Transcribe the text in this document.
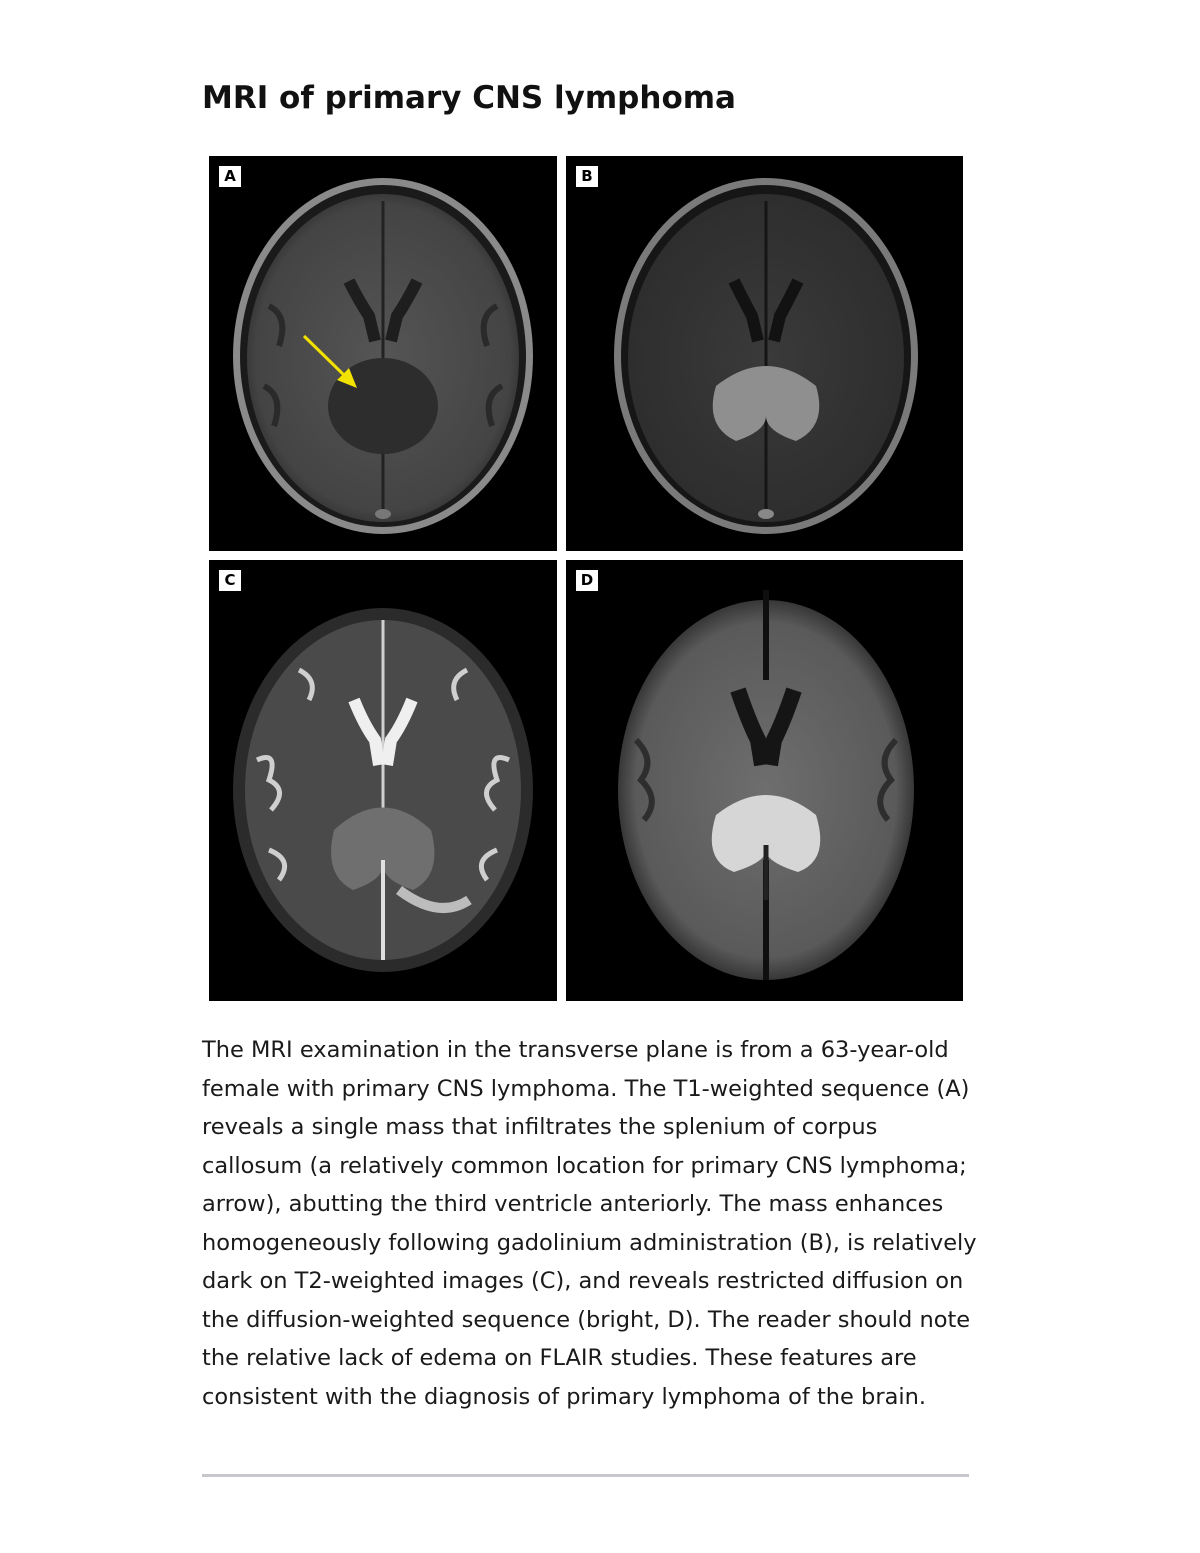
MRI of primary CNS lymphoma
A	B
C	D

The MRI examination in the transverse plane is from a 63-year-old female with primary CNS lymphoma. The T1-weighted sequence (A) reveals a single mass that infiltrates the splenium of corpus callosum (a relatively common location for primary CNS lymphoma; arrow), abutting the third ventricle anteriorly. The mass enhances homogeneously following gadolinium administration (B), is relatively dark on T2-weighted images (C), and reveals restricted diffusion on the diffusion-weighted sequence (bright, D). The reader should note the relative lack of edema on FLAIR studies. These features are consistent with the diagnosis of primary lymphoma of the brain.
